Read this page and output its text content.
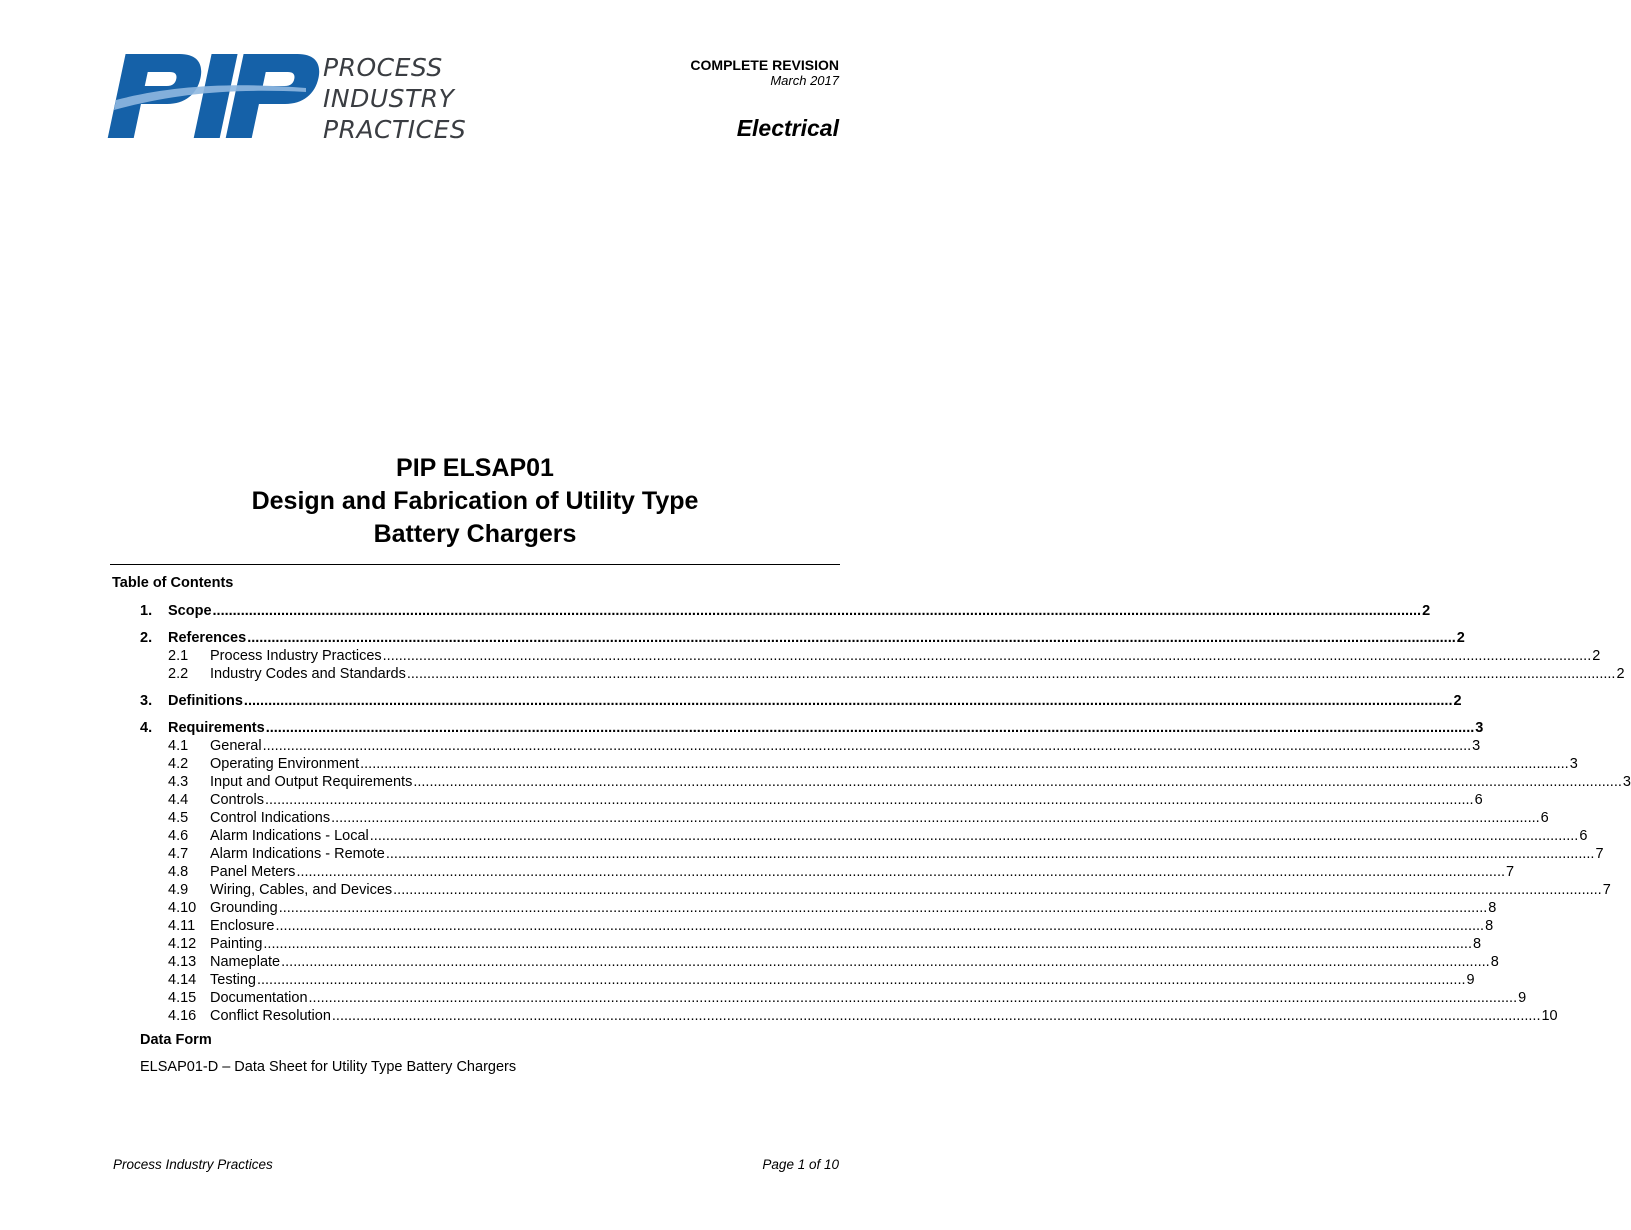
PROCESS
INDUSTRY
PRACTICES
COMPLETE REVISION
March 2017
Electrical
PIP ELSAP01
Design and Fabrication of Utility Type
Battery Chargers
Table of Contents
1.	Scope ............................................................................................................................................................................................................................................................................................................ 2
2.	References ............................................................................................................................................................................................................................................................................................................ 2
2.1	Process Industry Practices ............................................................................................................................................................................................................................................................................................................ 2
2.2	Industry Codes and Standards ............................................................................................................................................................................................................................................................................................................ 2
3.	Definitions ............................................................................................................................................................................................................................................................................................................ 2
4.	Requirements ............................................................................................................................................................................................................................................................................................................ 3
4.1	General ............................................................................................................................................................................................................................................................................................................ 3
4.2	Operating Environment ............................................................................................................................................................................................................................................................................................................ 3
4.3	Input and Output Requirements ............................................................................................................................................................................................................................................................................................................ 3
4.4	Controls ............................................................................................................................................................................................................................................................................................................ 6
4.5	Control Indications ............................................................................................................................................................................................................................................................................................................ 6
4.6	Alarm Indications - Local ............................................................................................................................................................................................................................................................................................................ 6
4.7	Alarm Indications - Remote ............................................................................................................................................................................................................................................................................................................ 7
4.8	Panel Meters ............................................................................................................................................................................................................................................................................................................ 7
4.9	Wiring, Cables, and Devices ............................................................................................................................................................................................................................................................................................................ 7
4.10 Grounding ............................................................................................................................................................................................................................................................................................................ 8
4.11	Enclosure ............................................................................................................................................................................................................................................................................................................ 8
4.12 Painting ............................................................................................................................................................................................................................................................................................................ 8
4.13 Nameplate ............................................................................................................................................................................................................................................................................................................ 8
4.14 Testing ............................................................................................................................................................................................................................................................................................................ 9
4.15 Documentation ............................................................................................................................................................................................................................................................................................................ 9
4.16 Conflict Resolution ............................................................................................................................................................................................................................................................................................................ 10
Data Form
ELSAP01-D – Data Sheet for Utility Type Battery Chargers
Process Industry Practices	Page 1 of 10
